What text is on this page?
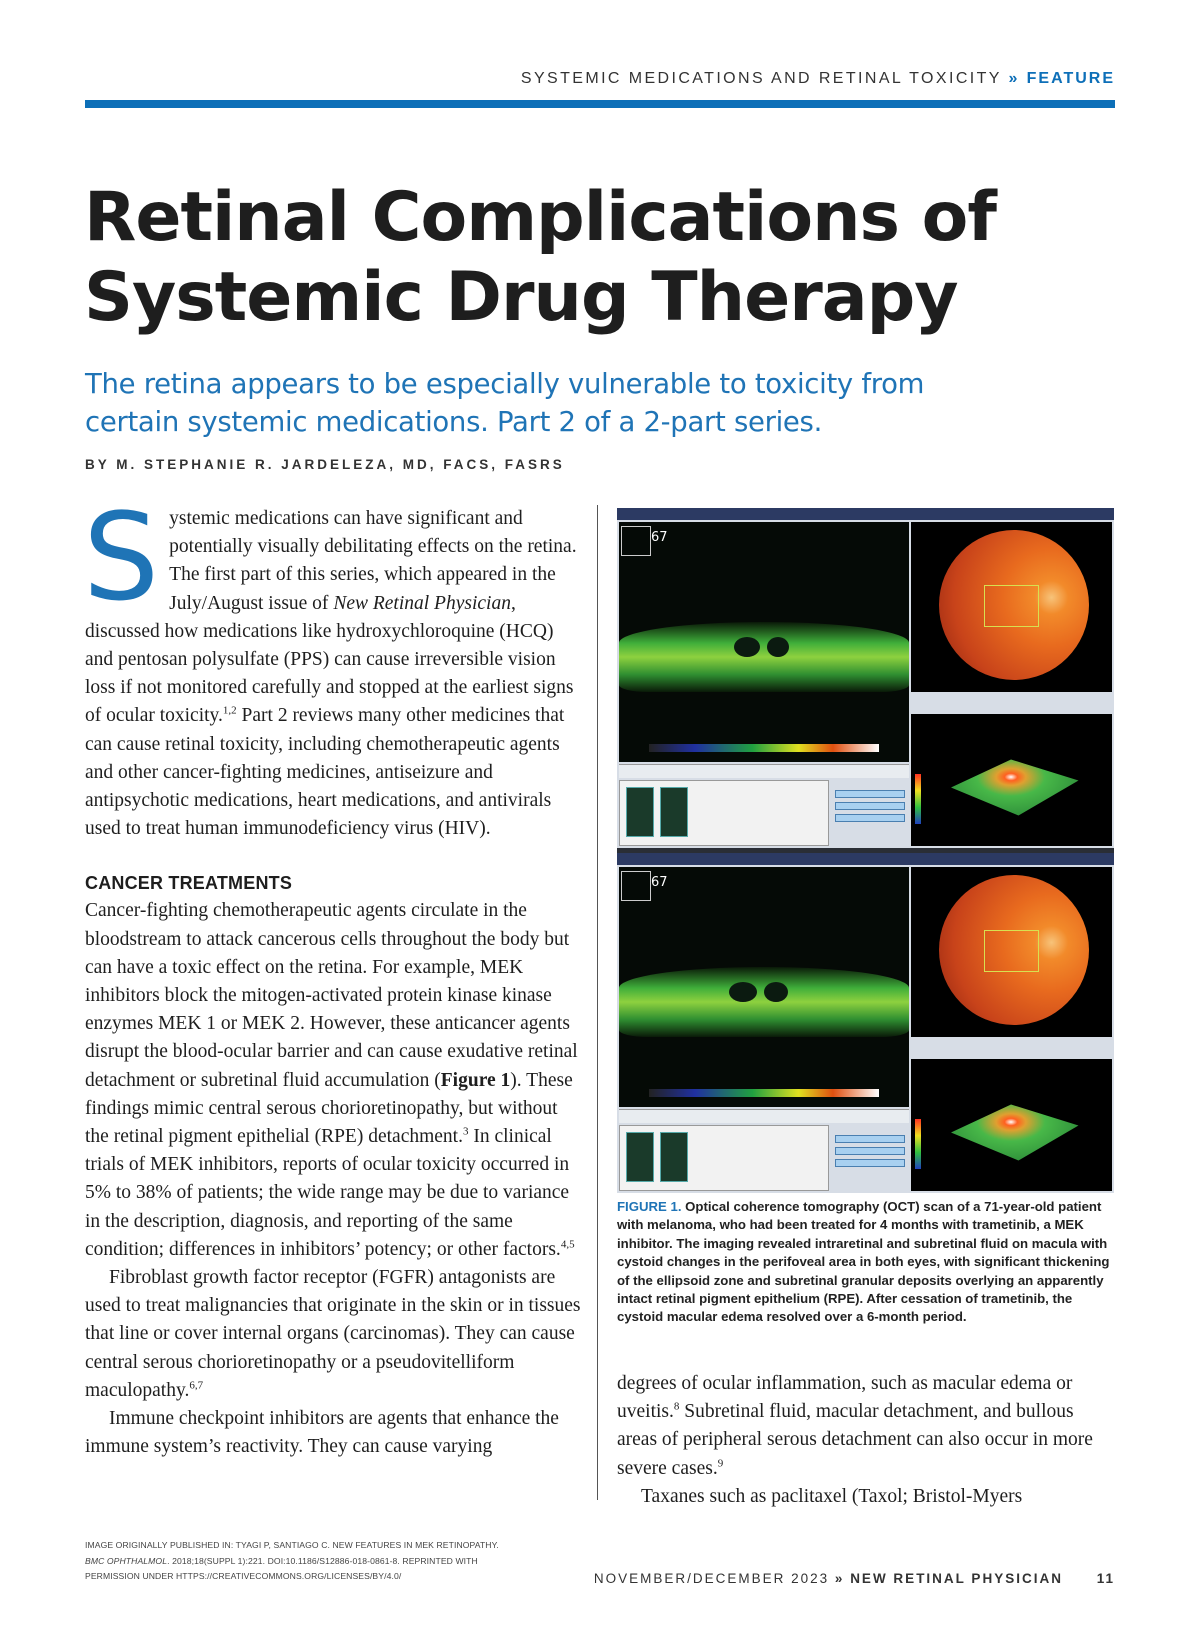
SYSTEMIC MEDICATIONS AND RETINAL TOXICITY » FEATURE
Retinal Complications of Systemic Drug Therapy
The retina appears to be especially vulnerable to toxicity from certain systemic medications. Part 2 of a 2-part series.
BY M. STEPHANIE R. JARDELEZA, MD, FACS, FASRS

Systemic medications can have significant and potentially visually debilitating effects on the retina. The first part of this series, which appeared in the July/August issue of New Retinal Physician, discussed how medications like hydroxychloroquine (HCQ) and pentosan polysulfate (PPS) can cause irreversible vision loss if not monitored carefully and stopped at the earliest signs of ocular toxicity.$^{1,2}$ Part 2 reviews many other medicines that can cause retinal toxicity, including chemotherapeutic agents and other cancer-fighting medicines, antiseizure and antipsychotic medications, heart medications, and antivirals used to treat human immunodeficiency virus (HIV).

CANCER TREATMENTS

Cancer-fighting chemotherapeutic agents circulate in the bloodstream to attack cancerous cells throughout the body but can have a toxic effect on the retina. For example, MEK inhibitors block the mitogen-activated protein kinase kinase enzymes MEK 1 or MEK 2. However, these anticancer agents disrupt the blood-ocular barrier and can cause exudative retinal detachment or subretinal fluid accumulation (Figure 1). These findings mimic central serous chorioretinopathy, but without the retinal pigment epithelial (RPE) detachment.$^3$ In clinical trials of MEK inhibitors, reports of ocular toxicity occurred in 5% to 38% of patients; the wide range may be due to variance in the description, diagnosis, and reporting of the same condition; differences in inhibitors’ potency; or other factors.$^{4,5}$

Fibroblast growth factor receptor (FGFR) antagonists are used to treat malignancies that originate in the skin or in tissues that line or cover internal organs (carcinomas). They can cause central serous chorioretinopathy or a pseudovitelliform maculopathy.$^{6,7}$

Immune checkpoint inhibitors are agents that enhance the immune system’s reactivity. They can cause varying

67
67
FIGURE 1. Optical coherence tomography (OCT) scan of a 71-year-old patient with melanoma, who had been treated for 4 months with trametinib, a MEK inhibitor. The imaging revealed intraretinal and subretinal fluid on macula with cystoid changes in the perifoveal area in both eyes, with significant thickening of the ellipsoid zone and subretinal granular deposits overlying an apparently intact retinal pigment epithelium (RPE). After cessation of trametinib, the cystoid macular edema resolved over a 6-month period.

degrees of ocular inflammation, such as macular edema or uveitis.$^8$ Subretinal fluid, macular detachment, and bullous areas of peripheral serous detachment can also occur in more severe cases.$^9$

Taxanes such as paclitaxel (Taxol; Bristol-Myers

IMAGE ORIGINALLY PUBLISHED IN: TYAGI P, SANTIAGO C. NEW FEATURES IN MEK RETINOPATHY. BMC OPHTHALMOL. 2018;18(SUPPL 1):221. DOI:10.1186/S12886-018-0861-8. REPRINTED WITH PERMISSION UNDER HTTPS://CREATIVECOMMONS.ORG/LICENSES/BY/4.0/	NOVEMBER/DECEMBER 2023 » NEW RETINAL PHYSICIAN	11
